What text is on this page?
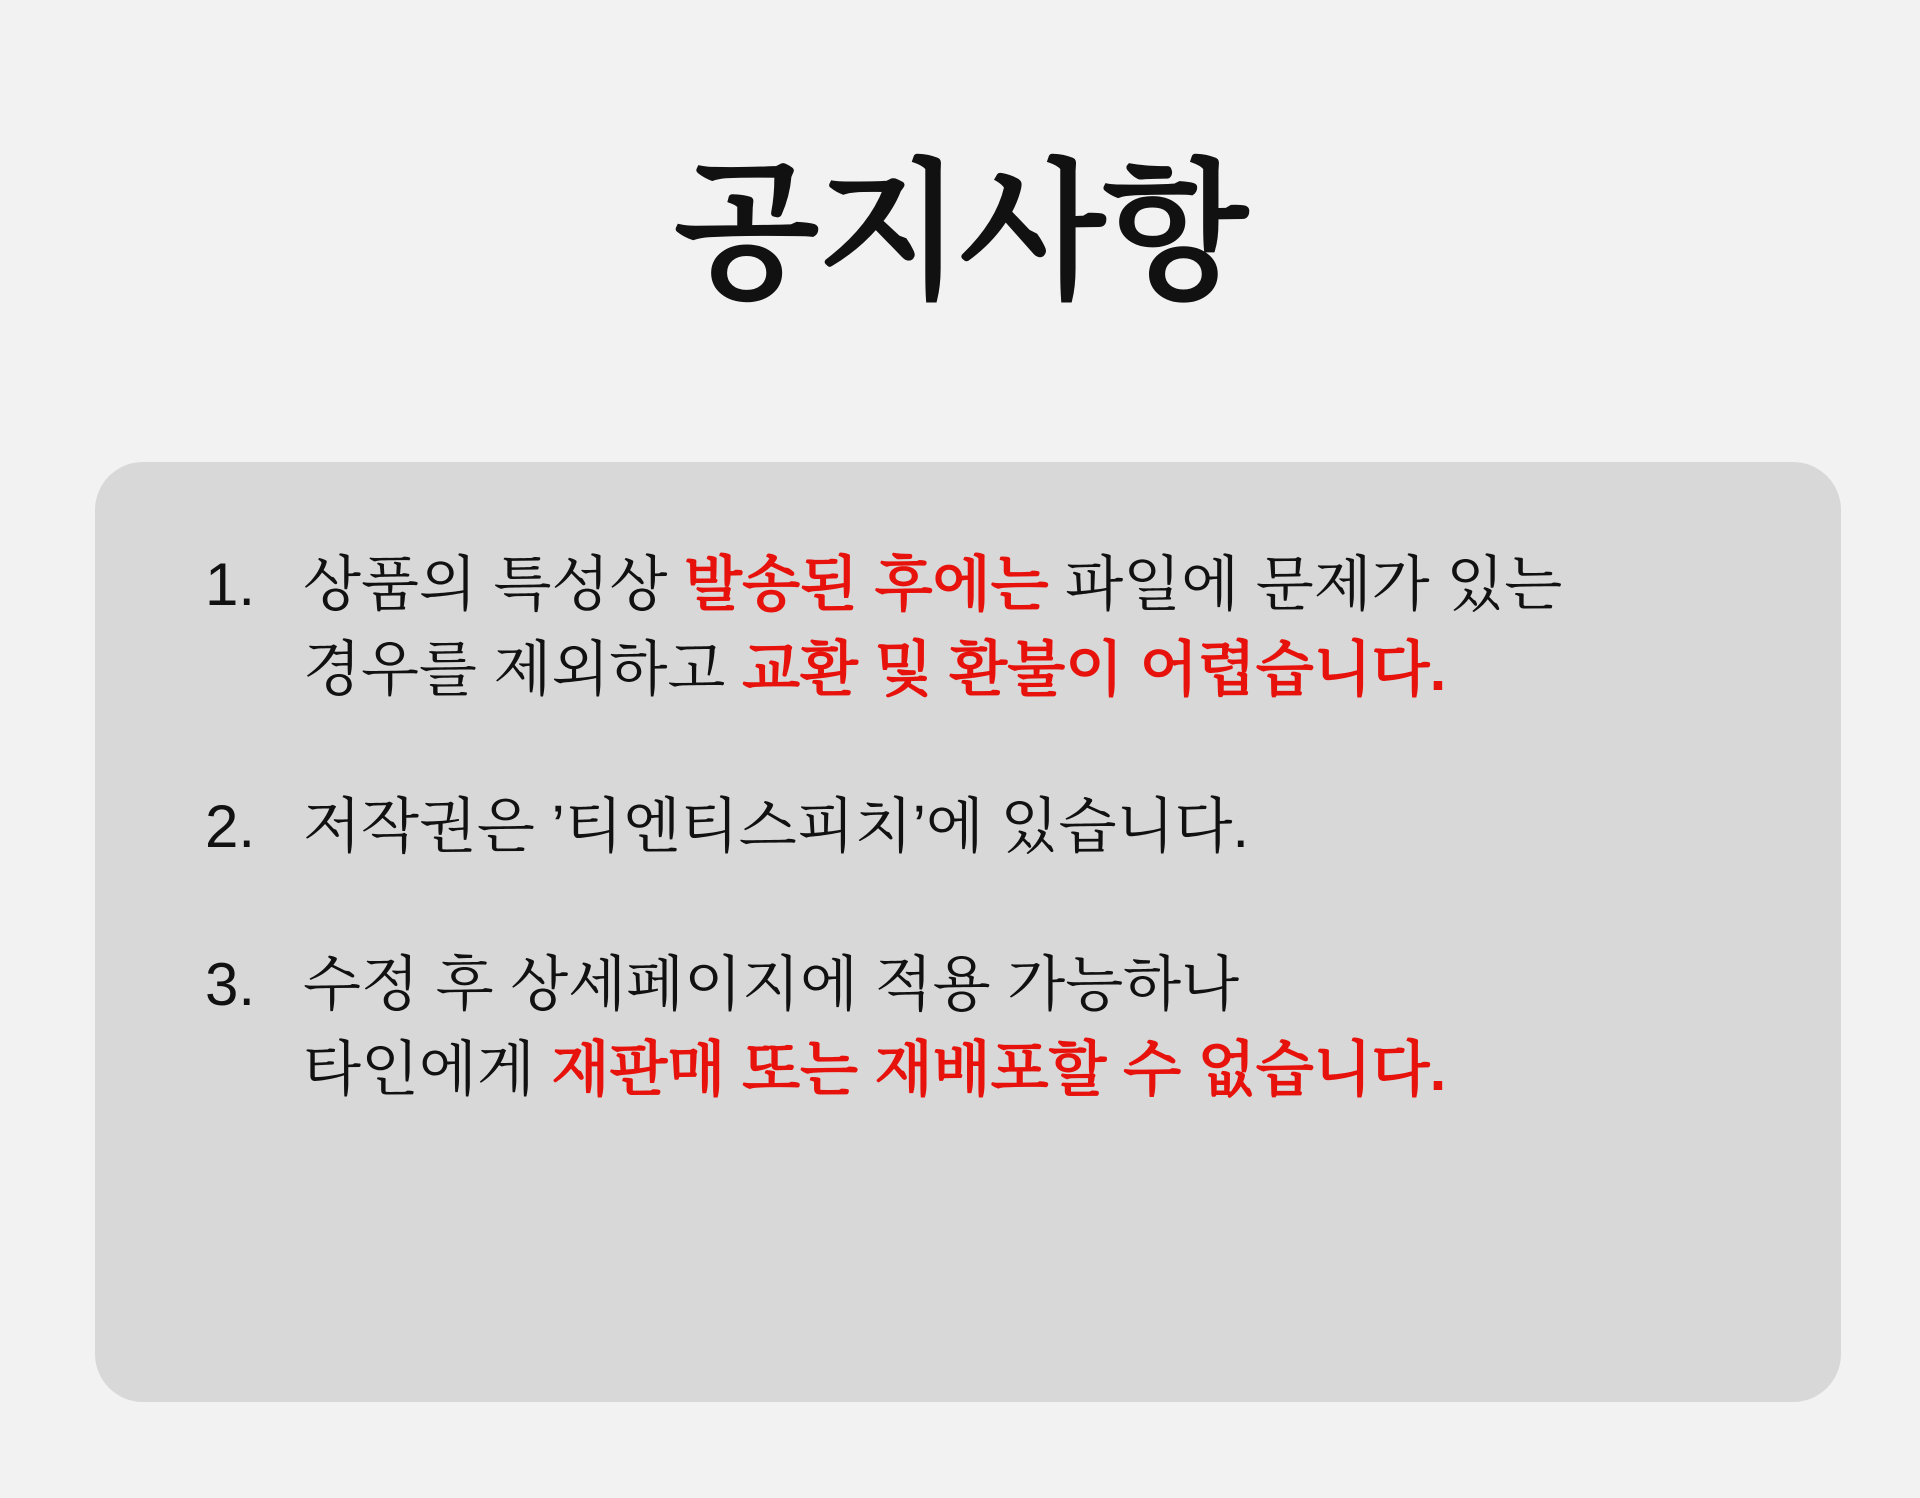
공지사항
1. 상품의 특성상 발송된 후에는 파일에 문제가 있는
경우를 제외하고 교환 및 환불이 어렵습니다.
2. 저작권은 ’티엔티스피치’에 있습니다.
3. 수정 후 상세페이지에 적용 가능하나
타인에게 재판매 또는 재배포할 수 없습니다.
